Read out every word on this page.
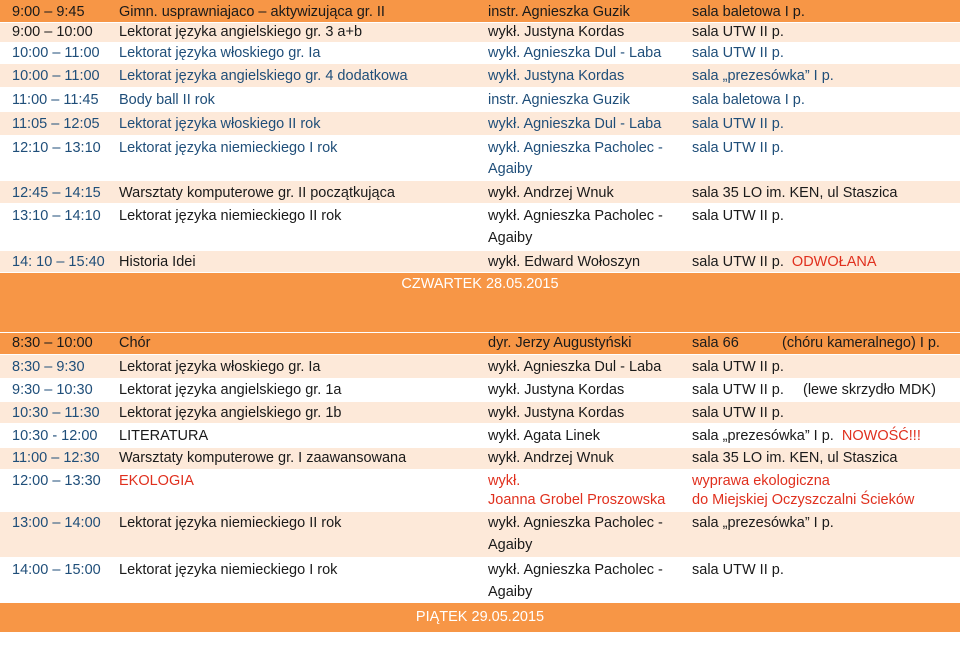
9:00 – 9:45 Gimn. usprawniajaco – aktywizująca gr. II	instr. Agnieszka Guzik	sala baletowa I p.
9:00 – 10:00 Lektorat języka angielskiego gr. 3 a+b	wykł. Justyna Kordas	sala UTW II p.
10:00 – 11:00 Lektorat języka włoskiego gr. Ia	wykł. Agnieszka Dul - Laba sala UTW II p.
10:00 – 11:00 Lektorat języka angielskiego gr. 4 dodatkowa	wykł. Justyna Kordas	sala „prezesówka” I p.
11:00 – 11:45 Body ball II rok	instr. Agnieszka Guzik	sala baletowa I p.
11:05 – 12:05 Lektorat języka włoskiego II rok	wykł. Agnieszka Dul - Laba sala UTW II p.
12:10 – 13:10 Lektorat języka niemieckiego I rok	wykł. Agnieszka Pacholec -
Agaiby
sala UTW II p.
12:45 – 14:15 Warsztaty komputerowe gr. II początkująca	wykł. Andrzej Wnuk	sala 35 LO im. KEN, ul Staszica
13:10 – 14:10 Lektorat języka niemieckiego II rok	wykł. Agnieszka Pacholec -
Agaiby
sala UTW II p.
14: 10 – 15:40 Historia Idei	wykł. Edward Wołoszyn	sala UTW II p. ODWOŁANA
CZWARTEK 28.05.2015
8:30 – 10:00 Chór	dyr. Jerzy Augustyński	sala 66	(chóru kameralnego) I p.
8:30 – 9:30 Lektorat języka włoskiego gr. Ia	wykł. Agnieszka Dul - Laba sala UTW II p.
9:30 – 10:30 Lektorat języka angielskiego gr. 1a	wykł. Justyna Kordas	sala UTW II p. (lewe skrzydło MDK)
10:30 – 11:30 Lektorat języka angielskiego gr. 1b	wykł. Justyna Kordas	sala UTW II p.
10:30 - 12:00 LITERATURA	wykł. Agata Linek	sala „prezesówka” I p. NOWOŚĆ!!!
11:00 – 12:30 Warsztaty komputerowe gr. I zaawansowana	wykł. Andrzej Wnuk	sala 35 LO im. KEN, ul Staszica
12:00 – 13:30 EKOLOGIA	wykł.
Joanna Grobel Proszowska
wyprawa ekologiczna
do Miejskiej Oczyszczalni Ścieków
13:00 – 14:00 Lektorat języka niemieckiego II rok	wykł. Agnieszka Pacholec -
Agaiby
sala „prezesówka” I p.
14:00 – 15:00 Lektorat języka niemieckiego I rok	wykł. Agnieszka Pacholec -
Agaiby
sala UTW II p.
PIĄTEK 29.05.2015
